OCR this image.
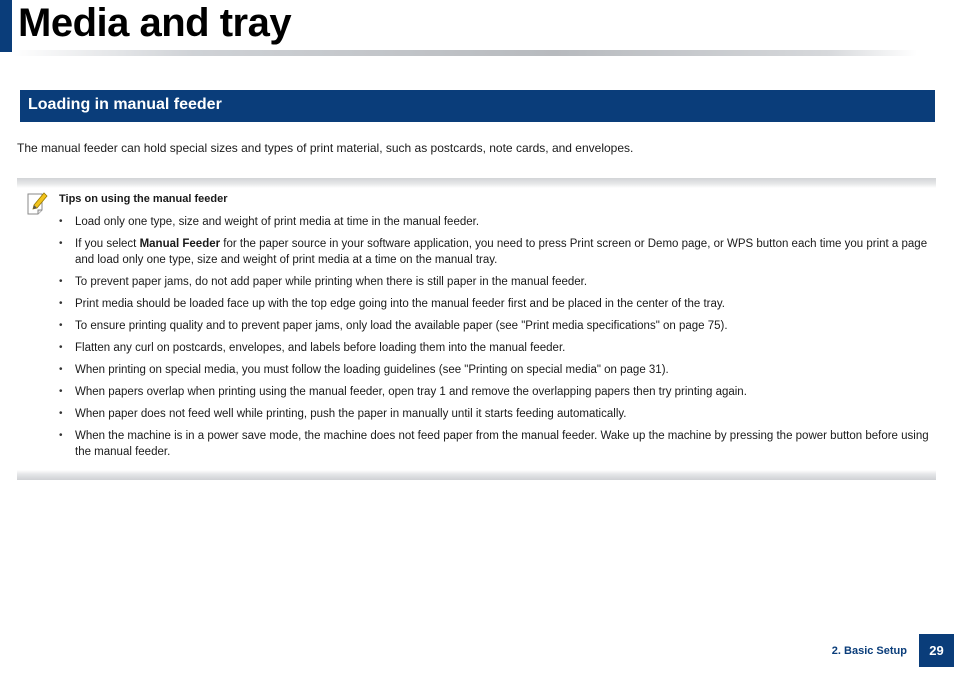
Media and tray
Loading in manual feeder

The manual feeder can hold special sizes and types of print material, such as postcards, note cards, and envelopes.

Tips on using the manual feeder

• Load only one type, size and weight of print media at time in the manual feeder.
• If you select Manual Feeder for the paper source in your software application, you need to press Print screen or Demo page, or WPS button each time you print a page and load only one type, size and weight of print media at a time on the manual tray.
• To prevent paper jams, do not add paper while printing when there is still paper in the manual feeder.
• Print media should be loaded face up with the top edge going into the manual feeder first and be placed in the center of the tray.
• To ensure printing quality and to prevent paper jams, only load the available paper (see "Print media specifications" on page 75).
• Flatten any curl on postcards, envelopes, and labels before loading them into the manual feeder.
• When printing on special media, you must follow the loading guidelines (see "Printing on special media" on page 31).
• When papers overlap when printing using the manual feeder, open tray 1 and remove the overlapping papers then try printing again.
• When paper does not feed well while printing, push the paper in manually until it starts feeding automatically.
• When the machine is in a power save mode, the machine does not feed paper from the manual feeder. Wake up the machine by pressing the power button before using the manual feeder.

2. Basic Setup	29
